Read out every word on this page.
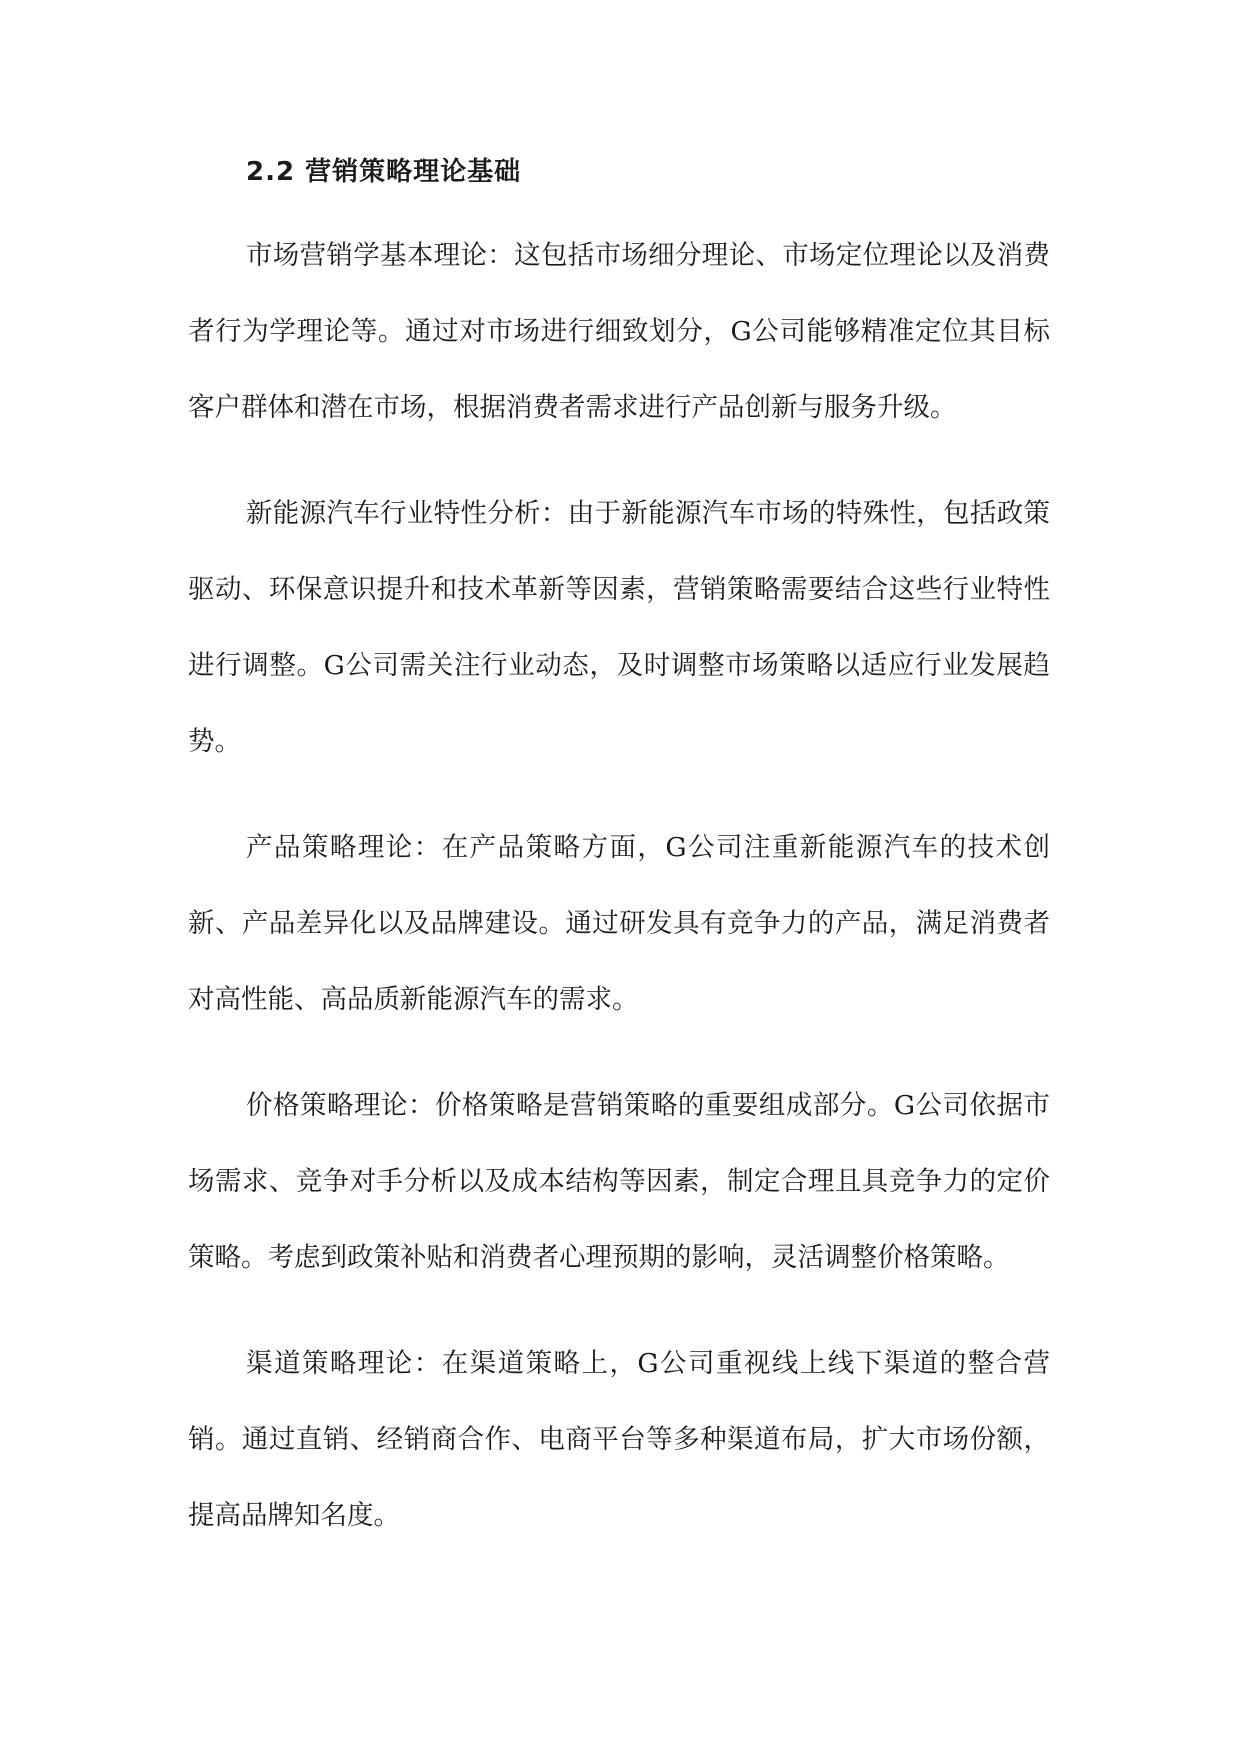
2.2 营销策略理论基础

市场营销学基本理论：这包括市场细分理论、市场定位理论以及消费者行为学理论等。通过对市场进行细致划分，G公司能够精准定位其目标客户群体和潜在市场，根据消费者需求进行产品创新与服务升级。

新能源汽车行业特性分析：由于新能源汽车市场的特殊性，包括政策驱动、环保意识提升和技术革新等因素，营销策略需要结合这些行业特性进行调整。G公司需关注行业动态，及时调整市场策略以适应行业发展趋势。

产品策略理论：在产品策略方面，G公司注重新能源汽车的技术创新、产品差异化以及品牌建设。通过研发具有竞争力的产品，满足消费者对高性能、高品质新能源汽车的需求。

价格策略理论：价格策略是营销策略的重要组成部分。G公司依据市场需求、竞争对手分析以及成本结构等因素，制定合理且具竞争力的定价策略。考虑到政策补贴和消费者心理预期的影响，灵活调整价格策略。

渠道策略理论：在渠道策略上，G公司重视线上线下渠道的整合营销。通过直销、经销商合作、电商平台等多种渠道布局，扩大市场份额，提高品牌知名度。
